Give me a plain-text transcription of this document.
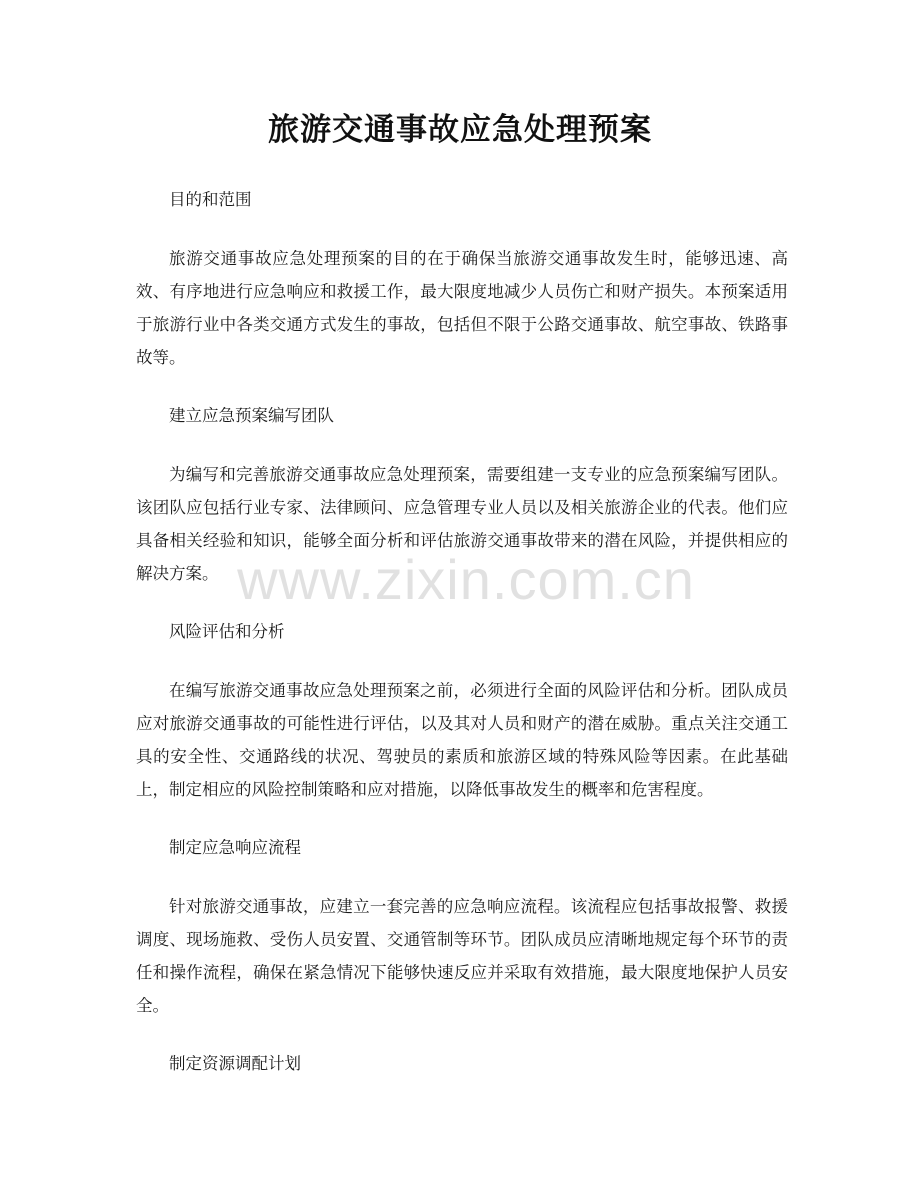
旅游交通事故应急处理预案
目的和范围
旅游交通事故应急处理预案的目的在于确保当旅游交通事故发生时，能够迅速、高效、有序地进行应急响应和救援工作，最大限度地减少人员伤亡和财产损失。本预案适用于旅游行业中各类交通方式发生的事故，包括但不限于公路交通事故、航空事故、铁路事故等。
建立应急预案编写团队
为编写和完善旅游交通事故应急处理预案，需要组建一支专业的应急预案编写团队。该团队应包括行业专家、法律顾问、应急管理专业人员以及相关旅游企业的代表。他们应具备相关经验和知识，能够全面分析和评估旅游交通事故带来的潜在风险，并提供相应的解决方案。
风险评估和分析
在编写旅游交通事故应急处理预案之前，必须进行全面的风险评估和分析。团队成员应对旅游交通事故的可能性进行评估，以及其对人员和财产的潜在威胁。重点关注交通工具的安全性、交通路线的状况、驾驶员的素质和旅游区域的特殊风险等因素。在此基础上，制定相应的风险控制策略和应对措施，以降低事故发生的概率和危害程度。
制定应急响应流程
针对旅游交通事故，应建立一套完善的应急响应流程。该流程应包括事故报警、救援调度、现场施救、受伤人员安置、交通管制等环节。团队成员应清晰地规定每个环节的责任和操作流程，确保在紧急情况下能够快速反应并采取有效措施，最大限度地保护人员安全。
制定资源调配计划
www.zixin.com.cn
